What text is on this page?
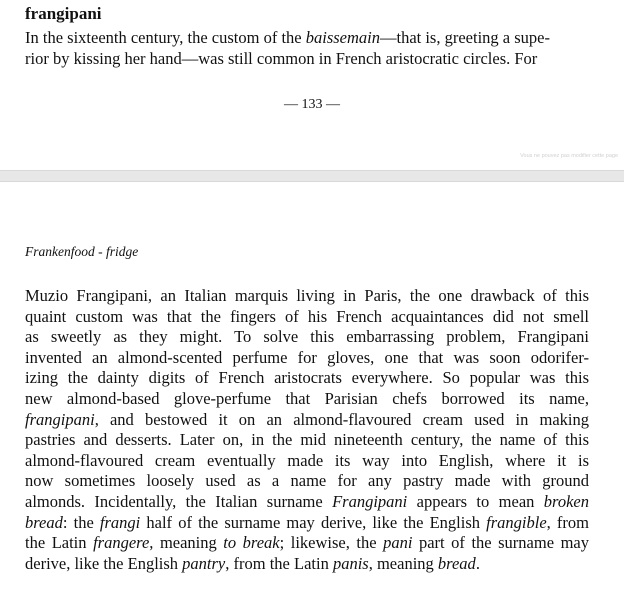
frangipani
In the sixteenth century, the custom of the baissemain—that is, greeting a supe-
rior by kissing her hand—was still common in French aristocratic circles. For
— 133 —
Vous ne pouvez pas modifier cette page
Frankenfood - fridge
Muzio Frangipani, an Italian marquis living in Paris, the one drawback of this
quaint custom was that the fingers of his French acquaintances did not smell
as sweetly as they might. To solve this embarrassing problem, Frangipani
invented an almond-scented perfume for gloves, one that was soon odorifer-
izing the dainty digits of French aristocrats everywhere. So popular was this
new almond-based glove-perfume that Parisian chefs borrowed its name,
frangipani, and bestowed it on an almond-flavoured cream used in making
pastries and desserts. Later on, in the mid nineteenth century, the name of this
almond-flavoured cream eventually made its way into English, where it is
now sometimes loosely used as a name for any pastry made with ground
almonds. Incidentally, the Italian surname Frangipani appears to mean broken
bread: the frangi half of the surname may derive, like the English frangible, from
the Latin frangere, meaning to break; likewise, the pani part of the surname may
derive, like the English pantry, from the Latin panis, meaning bread.
